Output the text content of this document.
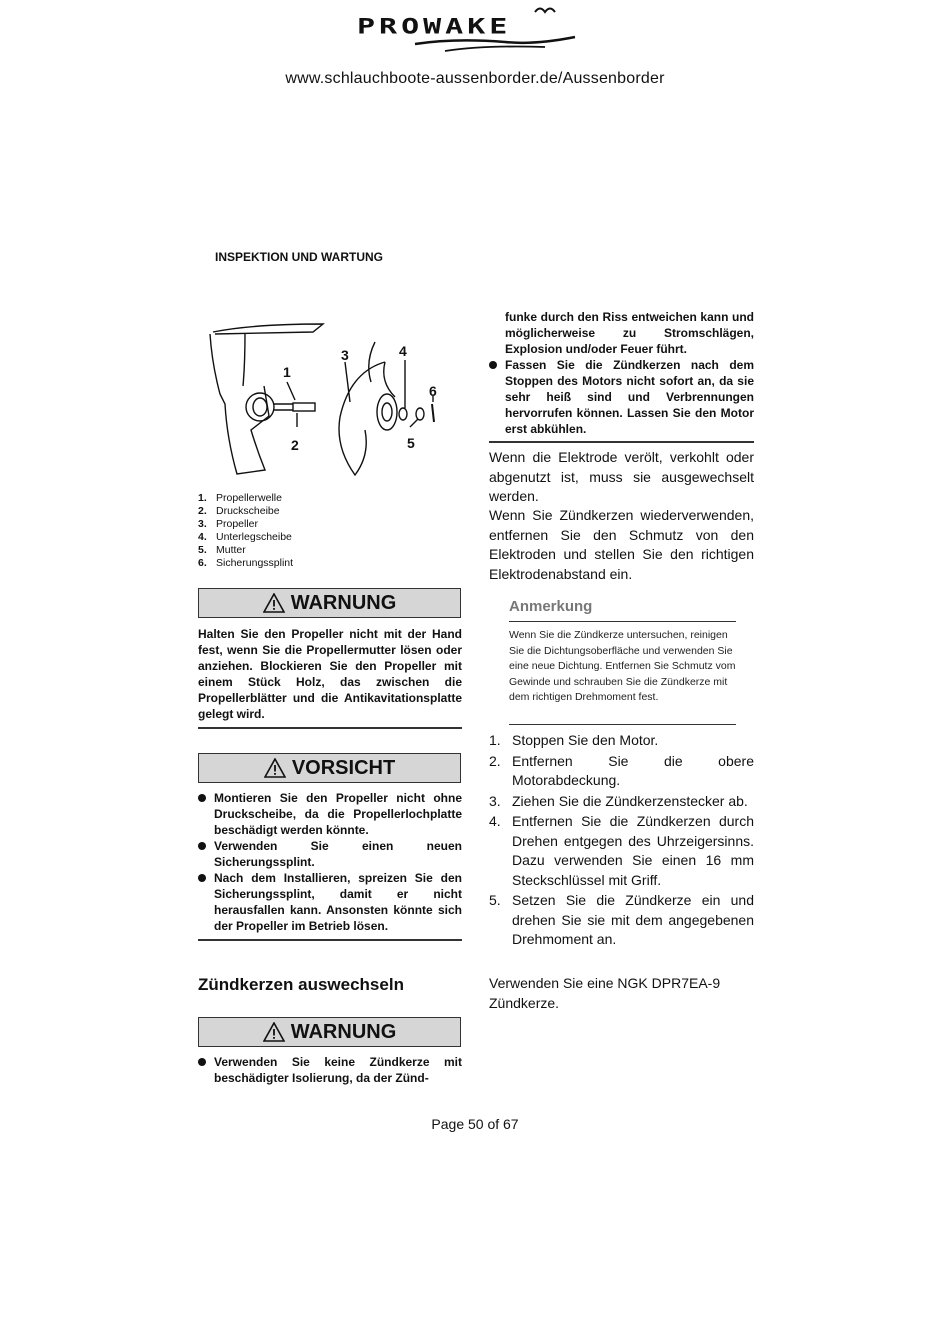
PROWAKE
www.schlauchboote-aussenborder.de/Aussenborder
INSPEKTION UND WARTUNG
1
2
3	4
5
6
1. Propellerwelle
2. Druckscheibe
3. Propeller
4. Unterlegscheibe
5. Mutter
6. Sicherungssplint
WARNUNG
Halten Sie den Propeller nicht mit der Hand fest, wenn Sie die Propellermutter lösen oder anziehen. Blockieren Sie den Propeller mit einem Stück Holz, das zwischen die Propellerblätter und die Antikavitationsplatte gelegt wird.
VORSICHT
Montieren Sie den Propeller nicht ohne Druckscheibe, da die Propellerlochplatte beschädigt werden könnte.
Verwenden Sie einen neuen Sicherungssplint.
Nach dem Installieren, spreizen Sie den Sicherungssplint, damit er nicht herausfallen kann. Ansonsten könnte sich der Propeller im Betrieb lösen.
Zündkerzen auswechseln
WARNUNG
Verwenden Sie keine Zündkerze mit beschädigter Isolierung, da der Zünd-
funke durch den Riss entweichen kann und möglicherweise zu Stromschlägen, Explosion und/oder Feuer führt.
Fassen Sie die Zündkerzen nach dem Stoppen des Motors nicht sofort an, da sie sehr heiß sind und Verbrennungen hervorrufen können. Lassen Sie den Motor erst abkühlen.
Wenn die Elektrode verölt, verkohlt oder abgenutzt ist, muss sie ausgewechselt werden.
Wenn Sie Zündkerzen wiederverwenden, entfernen Sie den Schmutz von den Elektroden und stellen Sie den richtigen Elektrodenabstand ein.
Anmerkung
Wenn Sie die Zündkerze untersuchen, reinigen Sie die Dichtungsoberfläche und verwenden Sie eine neue Dichtung. Entfernen Sie Schmutz vom Gewinde und schrauben Sie die Zündkerze mit dem richtigen Drehmoment fest.
1. Stoppen Sie den Motor.
2. Entfernen Sie die obere Motorabdeckung.
3. Ziehen Sie die Zündkerzenstecker ab.
4. Entfernen Sie die Zündkerzen durch Drehen entgegen des Uhrzeigersinns. Dazu verwenden Sie einen 16 mm Steckschlüssel mit Griff.
5. Setzen Sie die Zündkerze ein und drehen Sie sie mit dem angegebenen Drehmoment an.
Verwenden Sie eine NGK DPR7EA-9 Zündkerze.
Page 50 of 67
